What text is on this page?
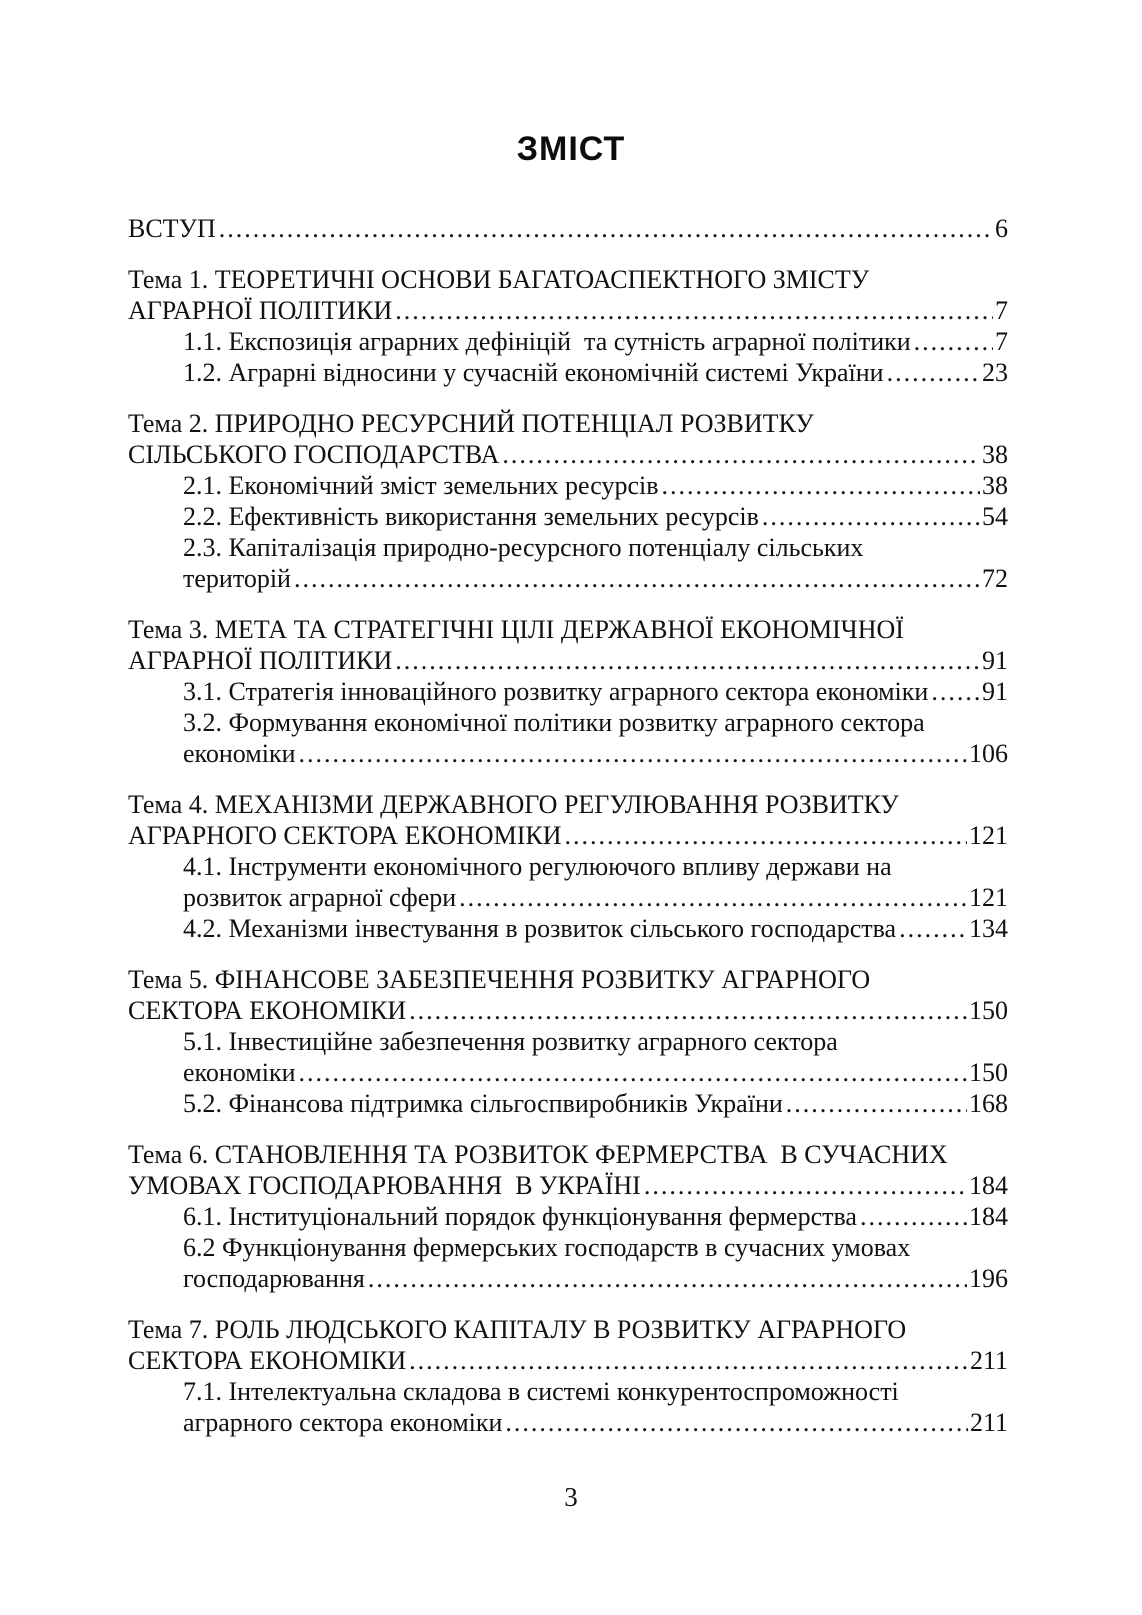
ЗМІСТ
ВСТУП .....	6
Тема 1. ТЕОРЕТИЧНІ ОСНОВИ БАГАТОАСПЕКТНОГО ЗМІСТУ
АГРАРНОЇ ПОЛІТИКИ .....	7
1.1. Експозиція аграрних дефініцій  та сутність аграрної політики .....	7
1.2. Аграрні відносини у сучасній економічній системі України .....	23
Тема 2. ПРИРОДНО РЕСУРСНИЙ ПОТЕНЦІАЛ РОЗВИТКУ
СІЛЬСЬКОГО ГОСПОДАРСТВА .....	38
2.1. Економічний зміст земельних ресурсів .....	38
2.2. Ефективність використання земельних ресурсів .....	54
2.3. Капіталізація природно-ресурсного потенціалу сільських
територій .....	72
Тема 3. МЕТА ТА СТРАТЕГІЧНІ ЦІЛІ ДЕРЖАВНОЇ ЕКОНОМІЧНОЇ
АГРАРНОЇ ПОЛІТИКИ .....	91
3.1. Стратегія інноваційного розвитку аграрного сектора економіки ..... 91
3.2. Формування економічної політики розвитку аграрного сектора
економіки .....	106
Тема 4. МЕХАНІЗМИ ДЕРЖАВНОГО РЕГУЛЮВАННЯ РОЗВИТКУ
АГРАРНОГО СЕКТОРА ЕКОНОМІКИ .....	121
4.1. Інструменти економічного регулюючого впливу держави на
розвиток аграрної сфери .....	121
4.2. Механізми інвестування в розвиток сільського господарства .....	134
Тема 5. ФІНАНСОВЕ ЗАБЕЗПЕЧЕННЯ РОЗВИТКУ АГРАРНОГО
СЕКТОРА ЕКОНОМІКИ .....	150
5.1. Інвестиційне забезпечення розвитку аграрного сектора
економіки .....	150
5.2. Фінансова підтримка сільгоспвиробників України .....	168
Тема 6. СТАНОВЛЕННЯ ТА РОЗВИТОК ФЕРМЕРСТВА  В СУЧАСНИХ
УМОВАХ ГОСПОДАРЮВАННЯ  В УКРАЇНІ .....	184
6.1. Інституціональний порядок функціонування фермерства .....	184
6.2 Функціонування фермерських господарств в сучасних умовах
господарювання .....	196
Тема 7. РОЛЬ ЛЮДСЬКОГО КАПІТАЛУ В РОЗВИТКУ АГРАРНОГО
СЕКТОРА ЕКОНОМІКИ .....	211
7.1. Інтелектуальна складова в системі конкурентоспроможності
аграрного сектора економіки .....	211
3
